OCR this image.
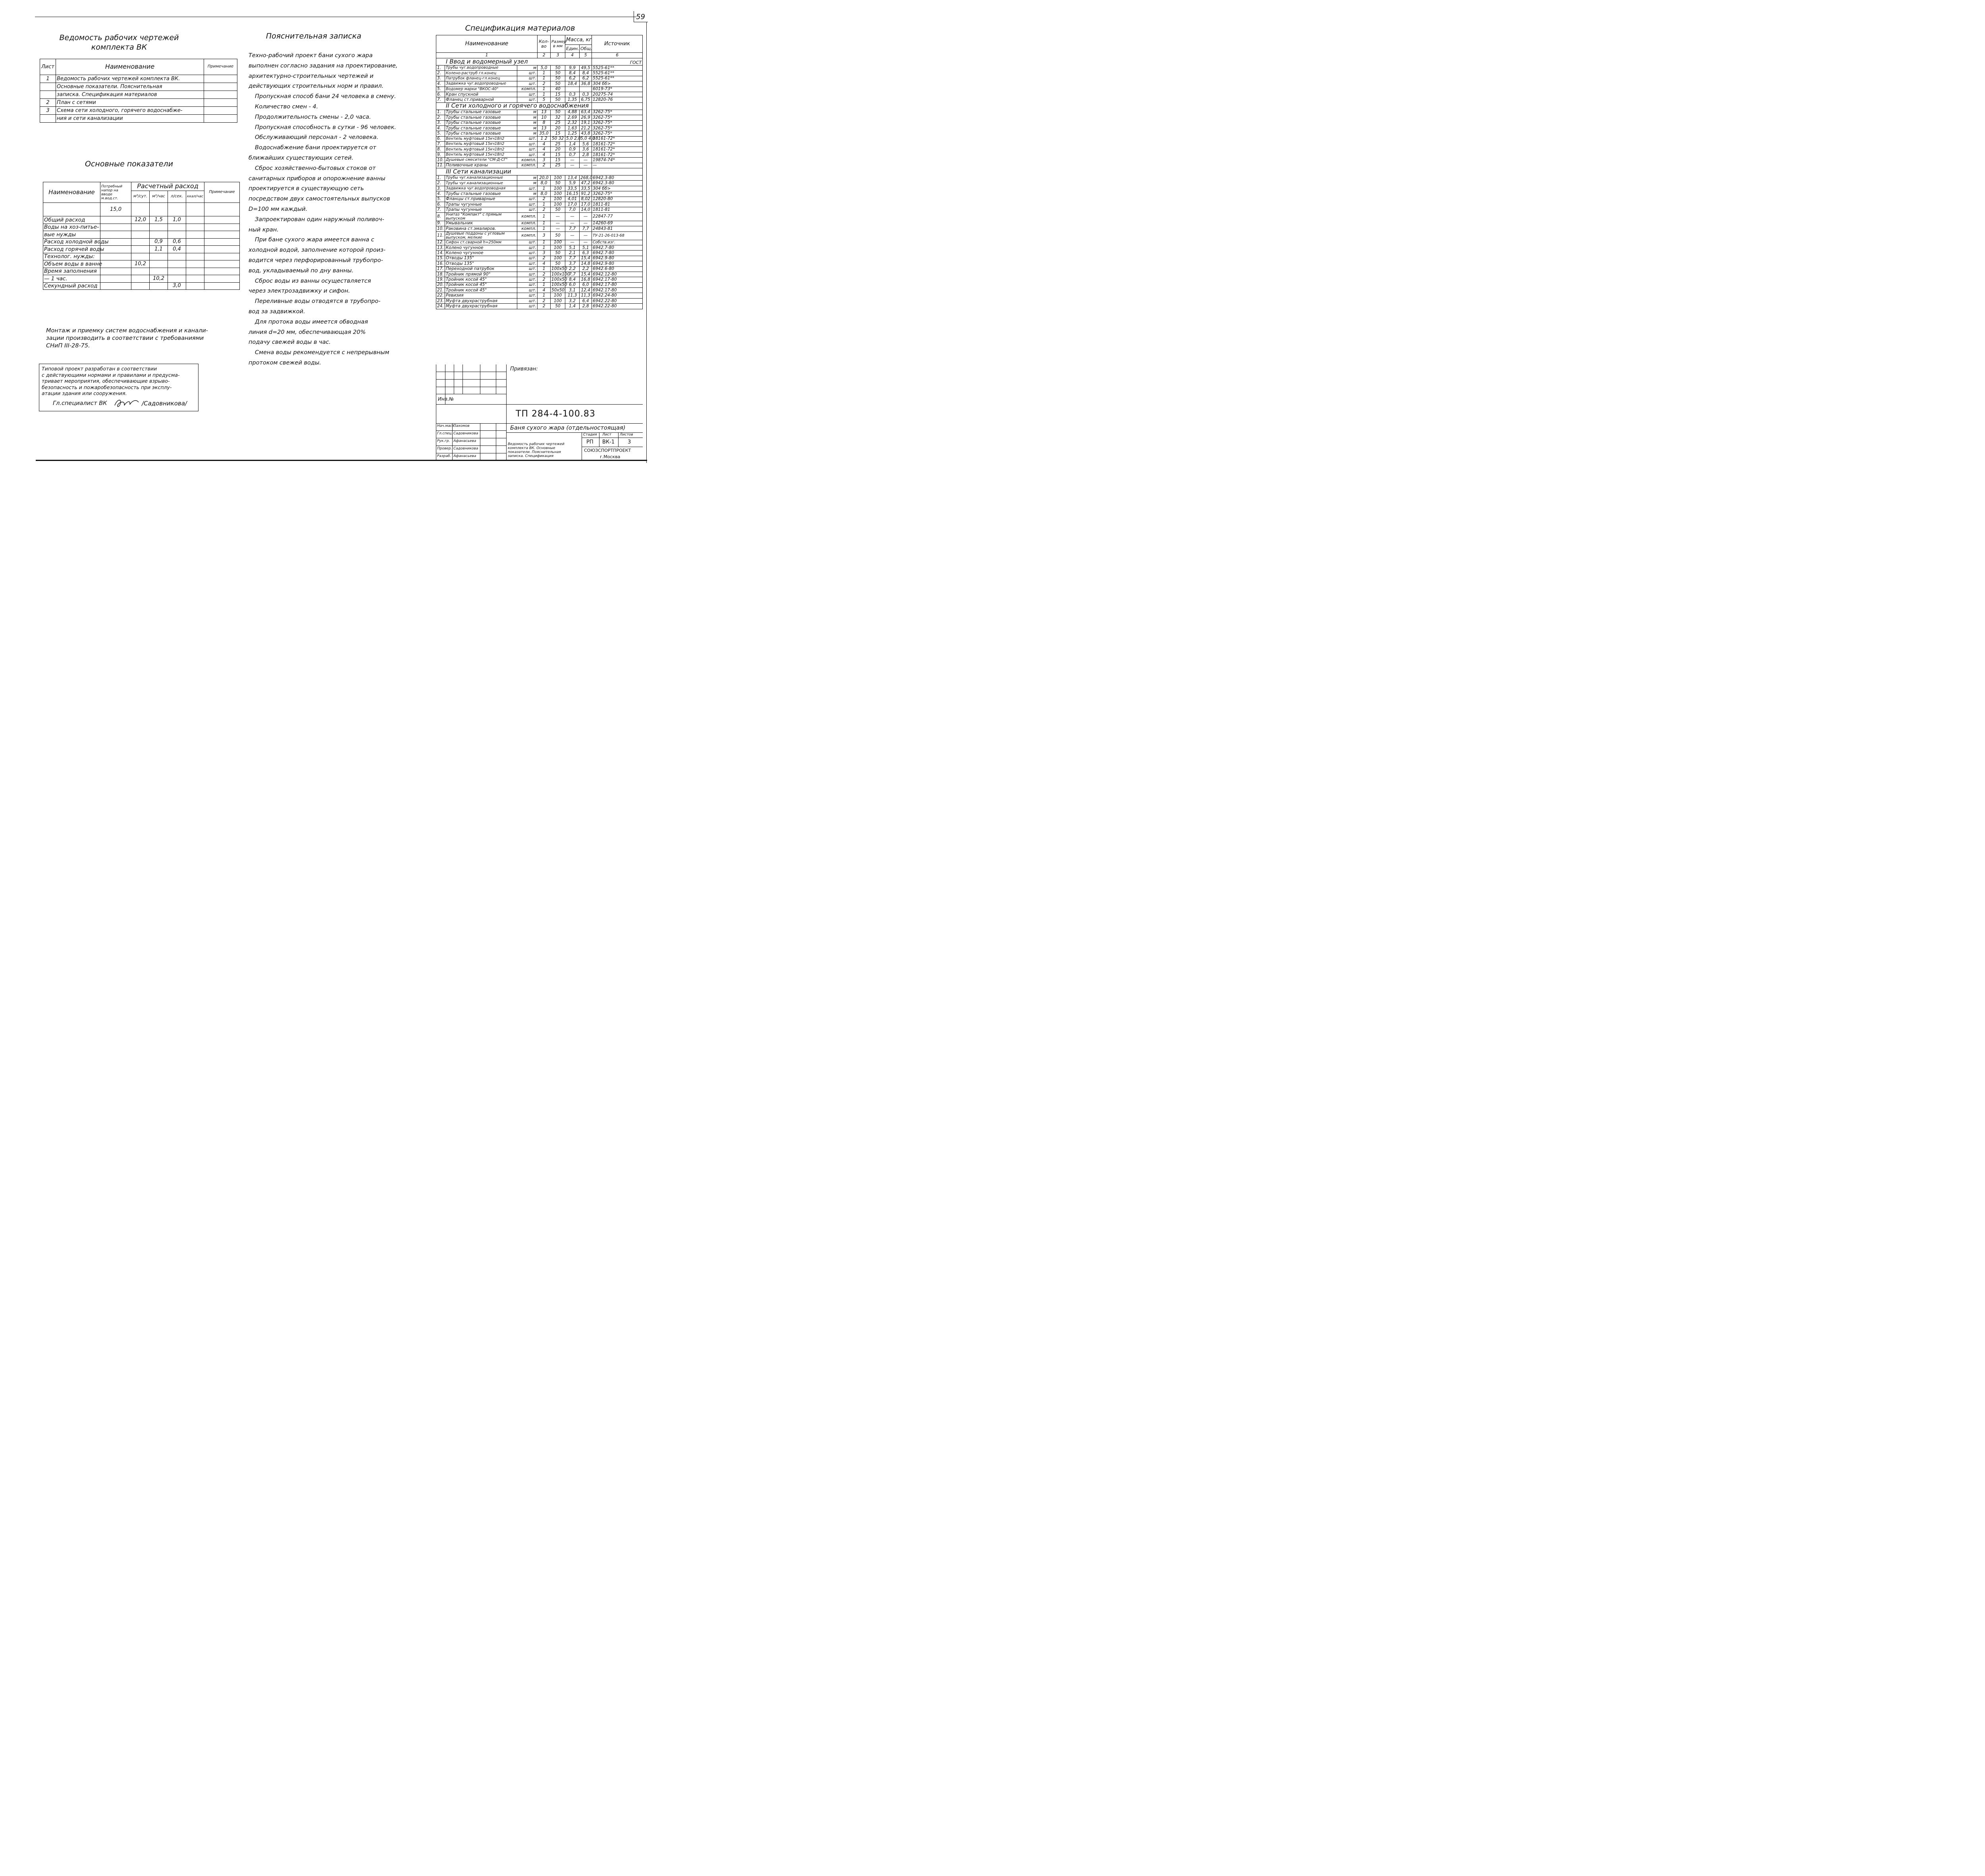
59
Ведомость рабочих чертежей
комплекта ВК
Лист	Наименование	Примечание
1	Ведомость рабочих чертежей комплекта ВК.	
	Основные показатели. Пояснительная	
	записка. Спецификация материалов	
2	План с сетями	
3	Схема сети холодного, горячего водоснабже-	
	ния и сети канализации	
Основные показатели
Наименование	Потребный напор на вводе м.вод.ст.	Расчетный расход				Примечание
		м³/сут.	м³/час	л/сек.	ккал/час	
	15,0					
Общий расход		12,0	1,5	1,0		
Воды на хоз-питье-						
вые нужды						
Расход холодной воды			0,9	0,6		
Расход горячей воды			1,1	0,4		
Технолог. нужды:						
Объем воды в ванне		10,2				
Время заполнения						
— 1 час.			10,2			
Секундный расход				3,0		
Монтаж и приемку систем водоснабжения и канали-
зации производить в соответствии с требованиями
СНиП III-28-75.
Типовой проект разработан в соответствии
с действующими нормами и правилами и предусма-
тривает мероприятия, обеспечивающие взрыво-
безопасность и пожаробезопасность при эксплу-
атации здания или сооружения.
Гл.специалист ВК	/Садовникова/
Пояснительная записка

Техно-рабочий проект бани сухого жара

выполнен согласно задания на проектирование,

архитектурно-строительных чертежей и

действующих строительных норм и правил.

Пропускная способ бани 24 человека в смену.

Количество смен - 4.

Продолжительность смены - 2,0 часа.

Пропускная способность в сутки - 96 человек.

Обслуживающий персонал - 2 человека.

Водоснабжение бани проектируется от

ближайших существующих сетей.

Сброс хозяйственно-бытовых стоков от

санитарных приборов и опорожнение ванны

проектируется в существующую сеть

посредством двух самостоятельных выпусков

D=100 мм каждый.

Запроектирован один наружный поливоч-

ный кран.

При бане сухого жара имеется ванна с

холодной водой, заполнение которой произ-

водится через перфорированный трубопро-

вод, укладываемый по дну ванны.

Сброс воды из ванны осуществляется

через электрозадвижку и сифон.

Переливные воды отводятся в трубопро-

вод за задвижкой.

Для протока воды имеется обводная

линия d=20 мм, обеспечивающая 20%

подачу свежей воды в час.

Смена воды рекомендуется с непрерывным

протоком свежей воды.

Спецификация материалов
Наименование			Кол-во	Размер в мм	Масса, кг		Источник
					Един.	Общ.	
1			2	3	4	5	6
I Ввод и водомерный узел							ГОСТ
1.	Трубы чуг.водопроводные	м	5,0	50	9,9	49,5	5525-61**
2.	Колено-раструб гл.конец	шт.	1	50	8,4	8,4	5525-61**
3.	Патрубок фланец-гл.конец	шт.	1	50	6,2	6,2	5525-61**
4.	Задвижка чуг.водопроводные	шт.	2	50	18,4	36,8	304 бб>
5.	Водомер марки "ВКОС-40"	компл.	1	40			6019-73*
6.	Кран спускной	шт.	1	15	0,3	0,3	20275-74
7.	Фланец ст.приварной	шт.	5	50	1,35	6,75	12820-76
II Сети холодного и горячего водоснабжения							
1.	Трубы стальные газовые	м	13	50	4,88	63,4	3262-75*
2.	Трубы стальные газовые	м	10	32	2,69	26,9	3262-75*
3.	Трубы стальные газовые	м	8	25	2,32	19,1	3262-75*
4.	Трубы стальные газовые	м	13	20	1,63	21,2	3262-75*
5.	Трубы стальные газовые	м	35,0	15	1,25	43,8	3262-75*
6.	Вентиль муфтовый 15кч18п2	шт.	1 2	50 32	5,0 2,0	5,0 4,0	18161-72*
7.	Вентиль муфтовый 15кч18п2	шт.	4	25	1,4	5,6	18161-72*
8.	Вентиль муфтовый 15кч18п2	шт.	4	20	0,9	3,6	18161-72*
9.	Вентиль муфтовый 15кч18п2	шт.	4	15	0,7	2,8	18161-72*
10.	Душевые смесители "СМ-Д-СГ"	компл.	3	15	—	—	19874-74*
11.	Поливочные краны	компл.	2	25	—	—	—
III Сети канализации							
1.	Трубы чуг.канализационные	м	20,0	100	13,4	268,0	6942.3-80
2.	Трубы чуг.канализационные	м	8,0	50	5,9	47,2	6942.3-80
3.	Задвижка чуг.водопроводная	шт.	1	100	33,5	33,5	304 бб>
4.	Трубы стальные газовые	м	8,0	100	16,15	91,2	3262-75*
5.	Фланцы ст.приварные	шт.	2	100	4,01	8,02	12820-80
6.	Трапы чугунные	шт.	1	100	17,0	17,0	1811-81
7.	Трапы чугунные	шт.	2	50	7,0	14,0	1811-81
8.	Унитаз "Компакт" с прямым выпуском	компл.	1	—	—	—	22847-77
9.	Умывальник	компл.	1	—	—	—	14260-69
10.	Раковина ст.эмалиров.	компл.	1	—	7,7	7,7	24843-81
11.	Душевые поддоны с угловым выпуском, мелкие	компл.	3	50	—	—	ТУ-21-26-013-68
12.	Сифон ст.сварной h=250мм	шт.	1	100	—	—	Собств.изг.
13.	Колено чугунное	шт.	1	100	5,1	5,1	6942.7-80
14.	Колено чугунное	шт.	3	50	2,1	6,3	6942.7-80
15.	Отводы 135°	шт.	2	100	7,7	15,4	6942.9-80
16.	Отводы 135°	шт.	4	50	3,7	14,8	6942.9-80
17.	Переходной патрубок	шт.	1	100x50	2,2	2,2	6942.6-80
18.	Тройник прямой 90°	шт.	2	100x100	7,7	15,4	6942.12-80
19.	Тройник косой 45°	шт.	2	100x50	8,4	16,8	6942.17-80
20.	Тройник косой 45°	шт.	1	100x50	6,0	6,0	6942.17-80
21.	Тройник косой 45°	шт.	4	50x50	3,1	12,4	6942.17-80
22.	Ревизия	шт.	1	100	11,3	11,3	6942.24-80
23.	Муфта двухраструбная	шт.	2	100	3,2	6,4	6942.22-80
24.	Муфта двухраструбная	шт.	2	50	1,4	2,8	6942.22-80
Привязан:
Инв.№
ТП 284-4-100.83
Баня сухого жара (отдельностоящая)
Стадия Лист Листов
РП ВК-1	3
Ведомость рабочих чертежей
комплекта ВК. Основные
показатели. Пояснительная
записка. Спецификация
СОЮЗСПОРТПРОЕКТ
г.Москва
Нач.маст.
Пахомов
Гл.спец. Садовникова
Рук.гр. Афанасьева
Провер. Садовникова
Разраб. Афанасьева
